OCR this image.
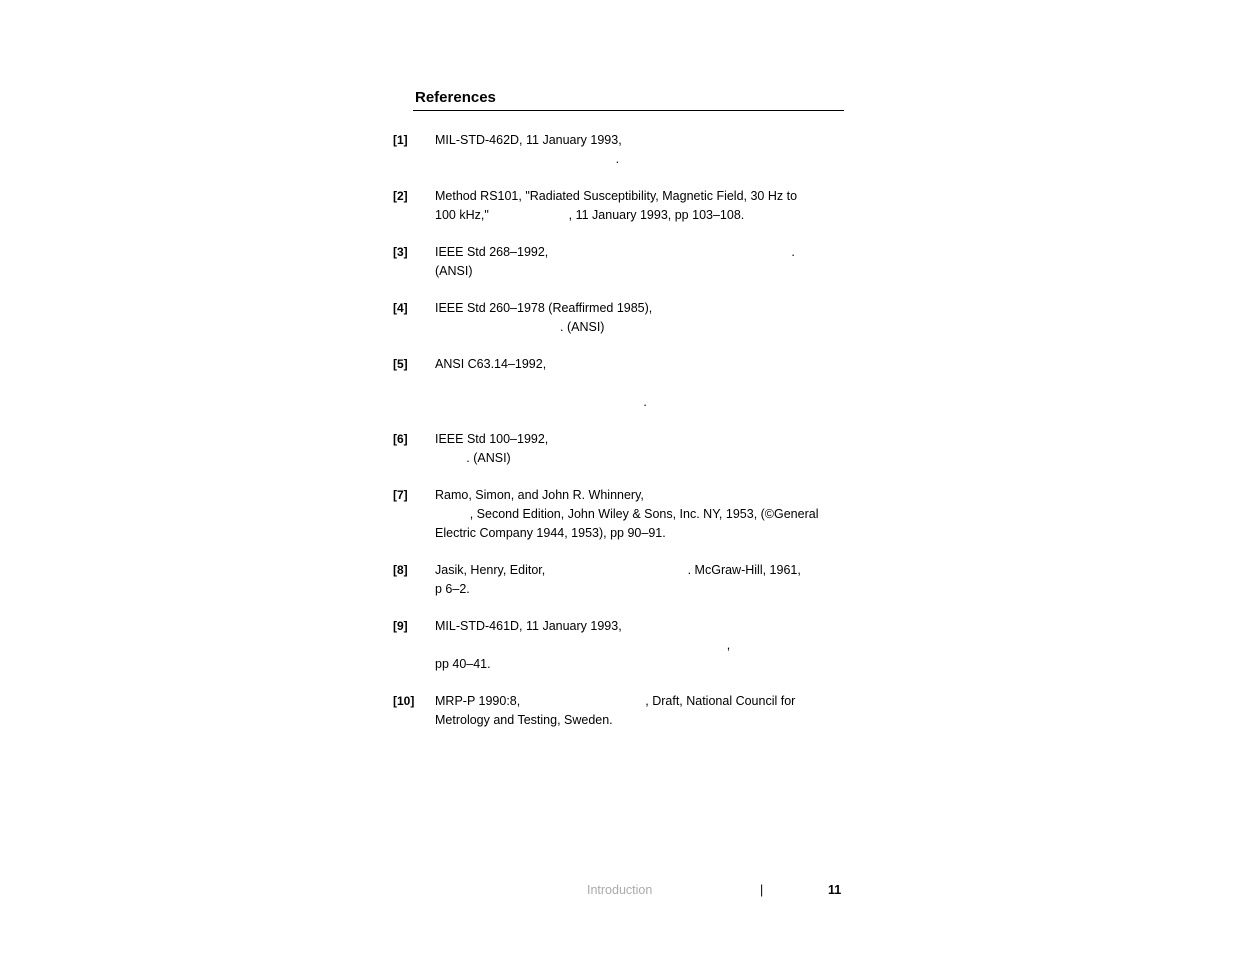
References
[1] MIL-STD-462D, 11 January 1993,
.
[2] Method RS101, "Radiated Susceptibility, Magnetic Field, 30 Hz to
100 kHz,"                       , 11 January 1993, pp 103–108.
[3] IEEE Std 268–1992,                                                                      .
(ANSI)
[4] IEEE Std 260–1978 (Reaffirmed 1985),
. (ANSI)
[5] ANSI C63.14–1992,
.
[6] IEEE Std 100–1992,
. (ANSI)
[7] Ramo, Simon, and John R. Whinnery,
, Second Edition, John Wiley & Sons, Inc. NY, 1953, (©General
Electric Company 1944, 1953), pp 90–91.
[8] Jasik, Henry, Editor,                                         . McGraw-Hill, 1961,
p 6–2.
[9] MIL-STD-461D, 11 January 1993,
,
pp 40–41.
[10] MRP-P 1990:8,                                    , Draft, National Council for
Metrology and Testing, Sweden.
Introduction	|	11
